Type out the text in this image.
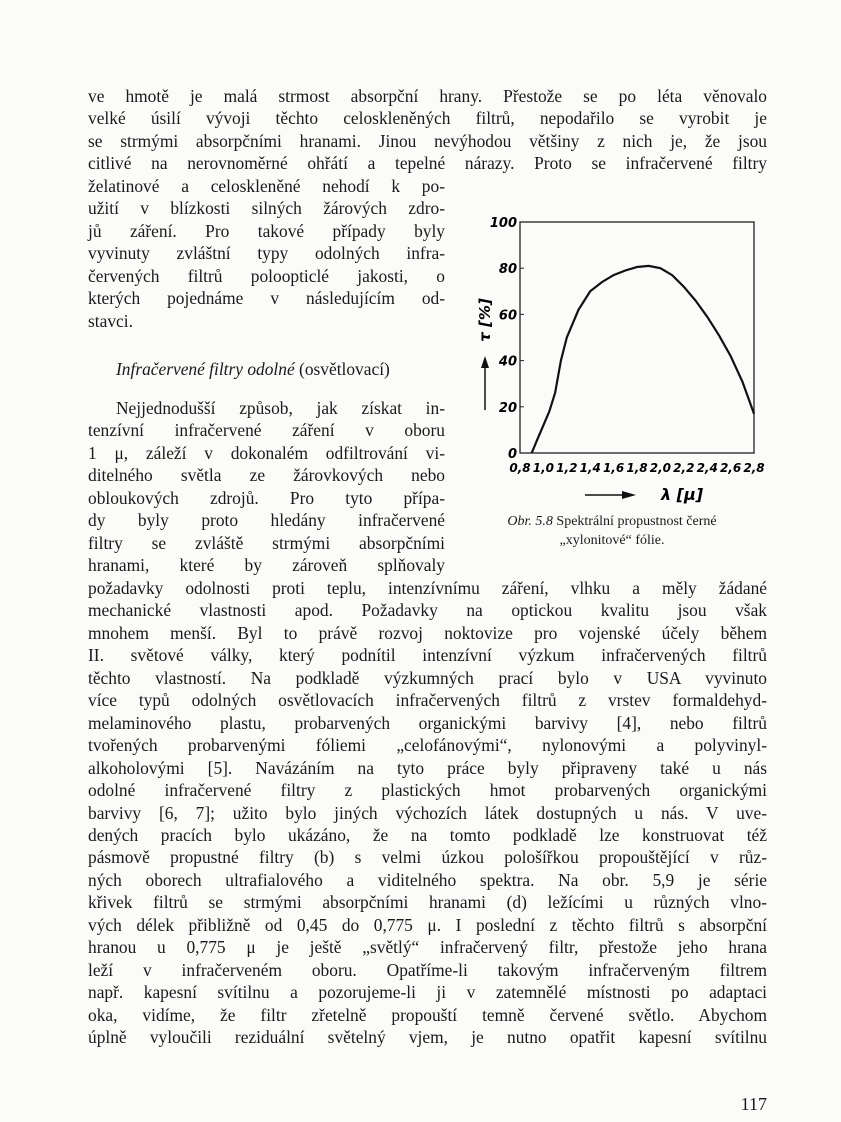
ve hmotě je malá strmost absorpční hrany. Přestože se po léta věnovalo
velké úsilí vývoji těchto celoskleněných filtrů, nepodařilo se vyrobit je
se strmými absorpčními hranami. Jinou nevýhodou většiny z nich je, že jsou
citlivé na nerovnoměrné ohřátí a tepelné nárazy. Proto se infračervené filtry
želatinové a celoskleněné nehodí k po-
užití v blízkosti silných žárových zdro-
jů záření. Pro takové případy byly
vyvinuty zvláštní typy odolných infra-
červených filtrů poloopticlé jakosti, o
kterých pojednáme v následujícím od-
stavci.
Nejjednodušší způsob, jak získat in-
tenzívní infračervené záření v oboru
1 μ, záleží v dokonalém odfiltrování vi-
ditelného světla ze žárovkových nebo
obloukových zdrojů. Pro tyto přípa-
dy byly proto hledány infračervené
filtry se zvláště strmými absorpčními
hranami, které by zároveň splňovaly
požadavky odolnosti proti teplu, intenzívnímu záření, vlhku a měly žádané
mechanické vlastnosti apod. Požadavky na optickou kvalitu jsou však
mnohem menší. Byl to právě rozvoj noktovize pro vojenské účely během
II. světové války, který podnítil intenzívní výzkum infračervených filtrů
těchto vlastností. Na podkladě výzkumných prací bylo v USA vyvinuto
více typů odolných osvětlovacích infračervených filtrů z vrstev formaldehyd-
melaminového plastu, probarvených organickými barvivy [4], nebo filtrů
tvořených probarvenými fóliemi „celofánovými“, nylonovými a polyvinyl-
alkoholovými [5]. Navázáním na tyto práce byly připraveny také u nás
odolné infračervené filtry z plastických hmot probarvených organickými
barvivy [6, 7]; užito bylo jiných výchozích látek dostupných u nás. V uve-
dených pracích bylo ukázáno, že na tomto podkladě lze konstruovat též
pásmově propustné filtry (b) s velmi úzkou pološířkou propouštějící v růz-
ných oborech ultrafialového a viditelného spektra. Na obr. 5,9 je série
křivek filtrů se strmými absorpčními hranami (d) ležícími u různých vlno-
vých délek přibližně od 0,45 do 0,775 μ. I poslední z těchto filtrů s absorpční
hranou u 0,775 μ je ještě „světlý“ infračervený filtr, přestože jeho hrana
leží v infračerveném oboru. Opatříme-li takovým infračerveným filtrem
např. kapesní svítilnu a pozorujeme-li ji v zatemnělé místnosti po adaptaci
oka, vidíme, že filtr zřetelně propouští temně červené světlo. Abychom
úplně vyloučili reziduální světelný vjem, je nutno opatřit kapesní svítilnu
0
20
40
60
80
100
0,8 1,0 1,2 1,4 1,6 1,8 2,0 2,2 2,4 2,6 2,8
τ [%]
λ [μ]
Obr. 5.8 Spektrální propustnost černé
„xylonitové“ fólie.
Infračervené filtry odolné (osvětlovací)
117
